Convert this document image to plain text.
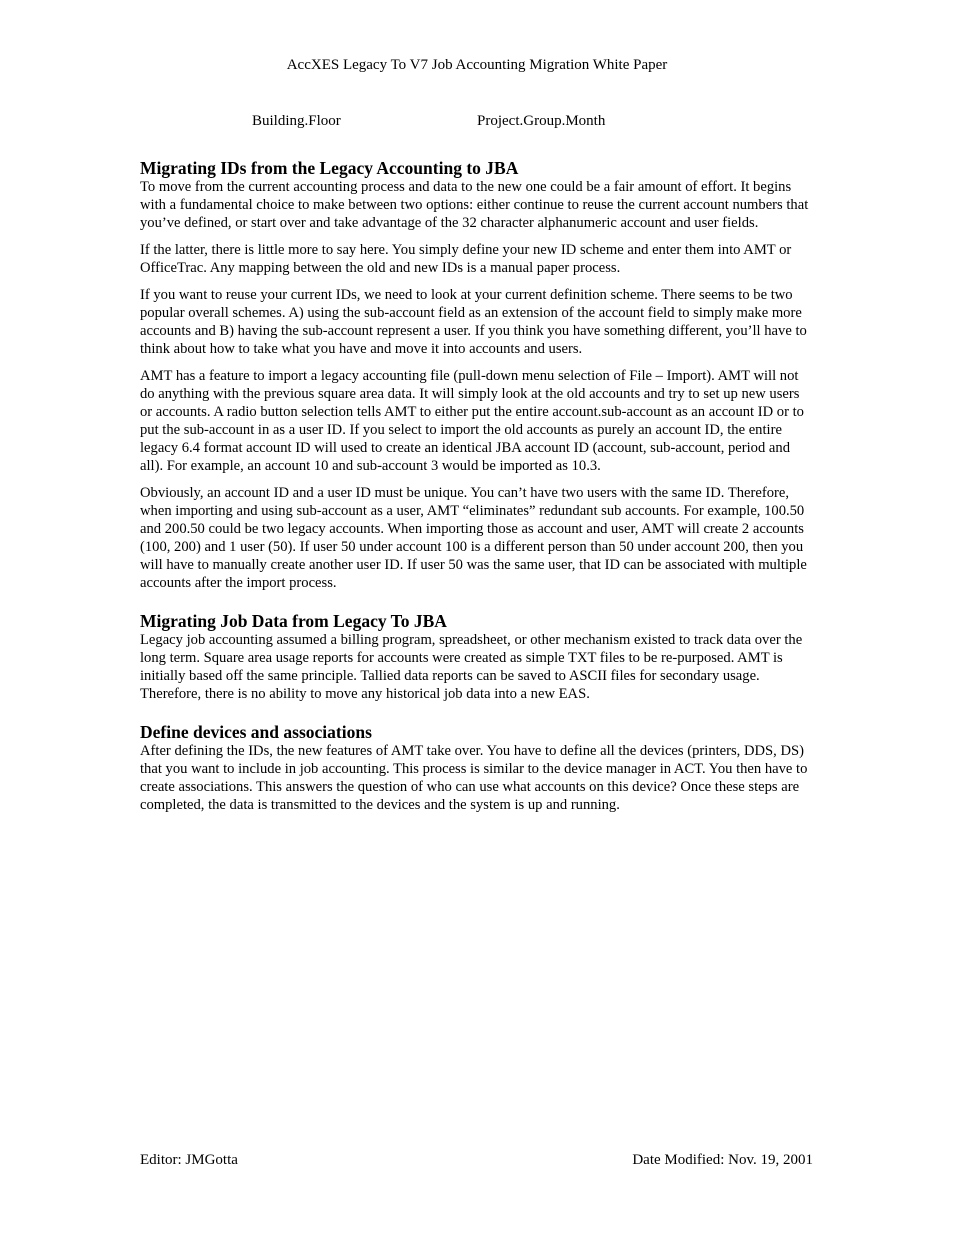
AccXES Legacy To V7 Job Accounting Migration White Paper
Building.Floor	Project.Group.Month
Migrating IDs from the Legacy Accounting to JBA

To move from the current accounting process and data to the new one could be a fair amount of effort. It begins with a fundamental choice to make between two options: either continue to reuse the current account numbers that you’ve defined, or start over and take advantage of the 32 character alphanumeric account and user fields.

If the latter, there is little more to say here. You simply define your new ID scheme and enter them into AMT or OfficeTrac. Any mapping between the old and new IDs is a manual paper process.

If you want to reuse your current IDs, we need to look at your current definition scheme. There seems to be two popular overall schemes. A) using the sub-account field as an extension of the account field to simply make more accounts and B) having the sub-account represent a user. If you think you have something different, you’ll have to think about how to take what you have and move it into accounts and users.

AMT has a feature to import a legacy accounting file (pull-down menu selection of File – Import). AMT will not do anything with the previous square area data. It will simply look at the old accounts and try to set up new users or accounts. A radio button selection tells AMT to either put the entire account.sub-account as an account ID or to put the sub-account in as a user ID. If you select to import the old accounts as purely an account ID, the entire legacy 6.4 format account ID will used to create an identical JBA account ID (account, sub-account, period and all). For example, an account 10 and sub-account 3 would be imported as 10.3.

Obviously, an account ID and a user ID must be unique. You can’t have two users with the same ID. Therefore, when importing and using sub-account as a user, AMT “eliminates” redundant sub accounts. For example, 100.50 and 200.50 could be two legacy accounts. When importing those as account and user, AMT will create 2 accounts (100, 200) and 1 user (50). If user 50 under account 100 is a different person than 50 under account 200, then you will have to manually create another user ID. If user 50 was the same user, that ID can be associated with multiple accounts after the import process.

Migrating Job Data from Legacy To JBA

Legacy job accounting assumed a billing program, spreadsheet, or other mechanism existed to track data over the long term. Square area usage reports for accounts were created as simple TXT files to be re-purposed. AMT is initially based off the same principle. Tallied data reports can be saved to ASCII files for secondary usage. Therefore, there is no ability to move any historical job data into a new EAS.

Define devices and associations

After defining the IDs, the new features of AMT take over. You have to define all the devices (printers, DDS, DS) that you want to include in job accounting. This process is similar to the device manager in ACT. You then have to create associations. This answers the question of who can use what accounts on this device? Once these steps are completed, the data is transmitted to the devices and the system is up and running.

Editor: JMGotta	Date Modified: Nov. 19, 2001
